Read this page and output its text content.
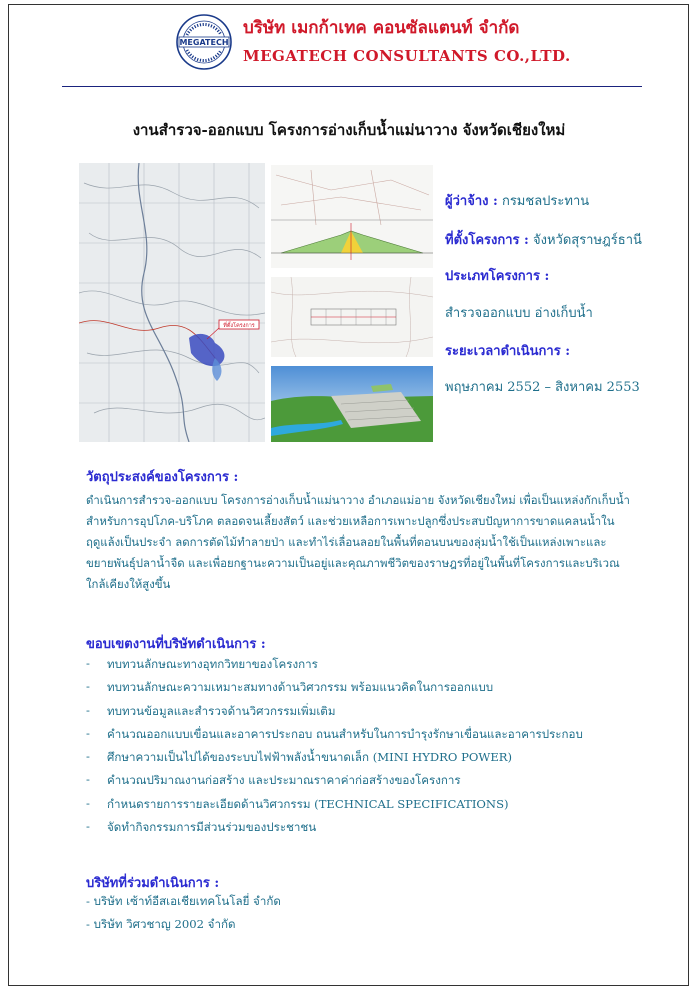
MEGATECH
บริษัท เมกก้าเทค คอนซัลแตนท์ จำกัด
MEGATECH CONSULTANTS CO.,LTD.
งานสำรวจ-ออกแบบ โครงการอ่างเก็บน้ำแม่นาวาง จังหวัดเชียงใหม่
ที่ตั้งโครงการ
ผู้ว่าจ้าง : กรมชลประทาน
ที่ตั้งโครงการ : จังหวัดสุราษฎร์ธานี
ประเภทโครงการ :
สำรวจออกแบบ อ่างเก็บน้ำ
ระยะเวลาดำเนินการ :
พฤษภาคม 2552 – สิงหาคม 2553
วัตถุประสงค์ของโครงการ :
ดำเนินการสำรวจ-ออกแบบ โครงการอ่างเก็บน้ำแม่นาวาง อำเภอแม่อาย จังหวัดเชียงใหม่ เพื่อเป็นแหล่งกักเก็บน้ำ
สำหรับการอุปโภค-บริโภค ตลอดจนเลี้ยงสัตว์ และช่วยเหลือการเพาะปลูกซึ่งประสบปัญหาการขาดแคลนน้ำใน
ฤดูแล้งเป็นประจำ ลดการตัดไม้ทำลายป่า และทำไร่เลื่อนลอยในพื้นที่ตอนบนของลุ่มน้ำใช้เป็นแหล่งเพาะและ
ขยายพันธุ์ปลาน้ำจืด และเพื่อยกฐานะความเป็นอยู่และคุณภาพชีวิตของราษฎรที่อยู่ในพื้นที่โครงการและบริเวณ
ใกล้เคียงให้สูงขึ้น
ขอบเขตงานที่บริษัทดำเนินการ :
-	ทบทวนลักษณะทางอุทกวิทยาของโครงการ
-	ทบทวนลักษณะความเหมาะสมทางด้านวิศวกรรม พร้อมแนวคิดในการออกแบบ
-	ทบทวนข้อมูลและสำรวจด้านวิศวกรรมเพิ่มเติม
-	คำนวณออกแบบเขื่อนและอาคารประกอบ ถนนสำหรับในการบำรุงรักษาเขื่อนและอาคารประกอบ
-	ศึกษาความเป็นไปได้ของระบบไฟฟ้าพลังน้ำขนาดเล็ก (MINI HYDRO POWER)
-	คำนวณปริมาณงานก่อสร้าง และประมาณราคาค่าก่อสร้างของโครงการ
-	กำหนดรายการรายละเอียดด้านวิศวกรรม (TECHNICAL SPECIFICATIONS)
-	จัดทำกิจกรรมการมีส่วนร่วมของประชาชน
บริษัทที่ร่วมดำเนินการ :
- บริษัท เซ้าท์อีสเอเชียเทคโนโลยี่ จำกัด
- บริษัท วิศวชาญ 2002 จำกัด
